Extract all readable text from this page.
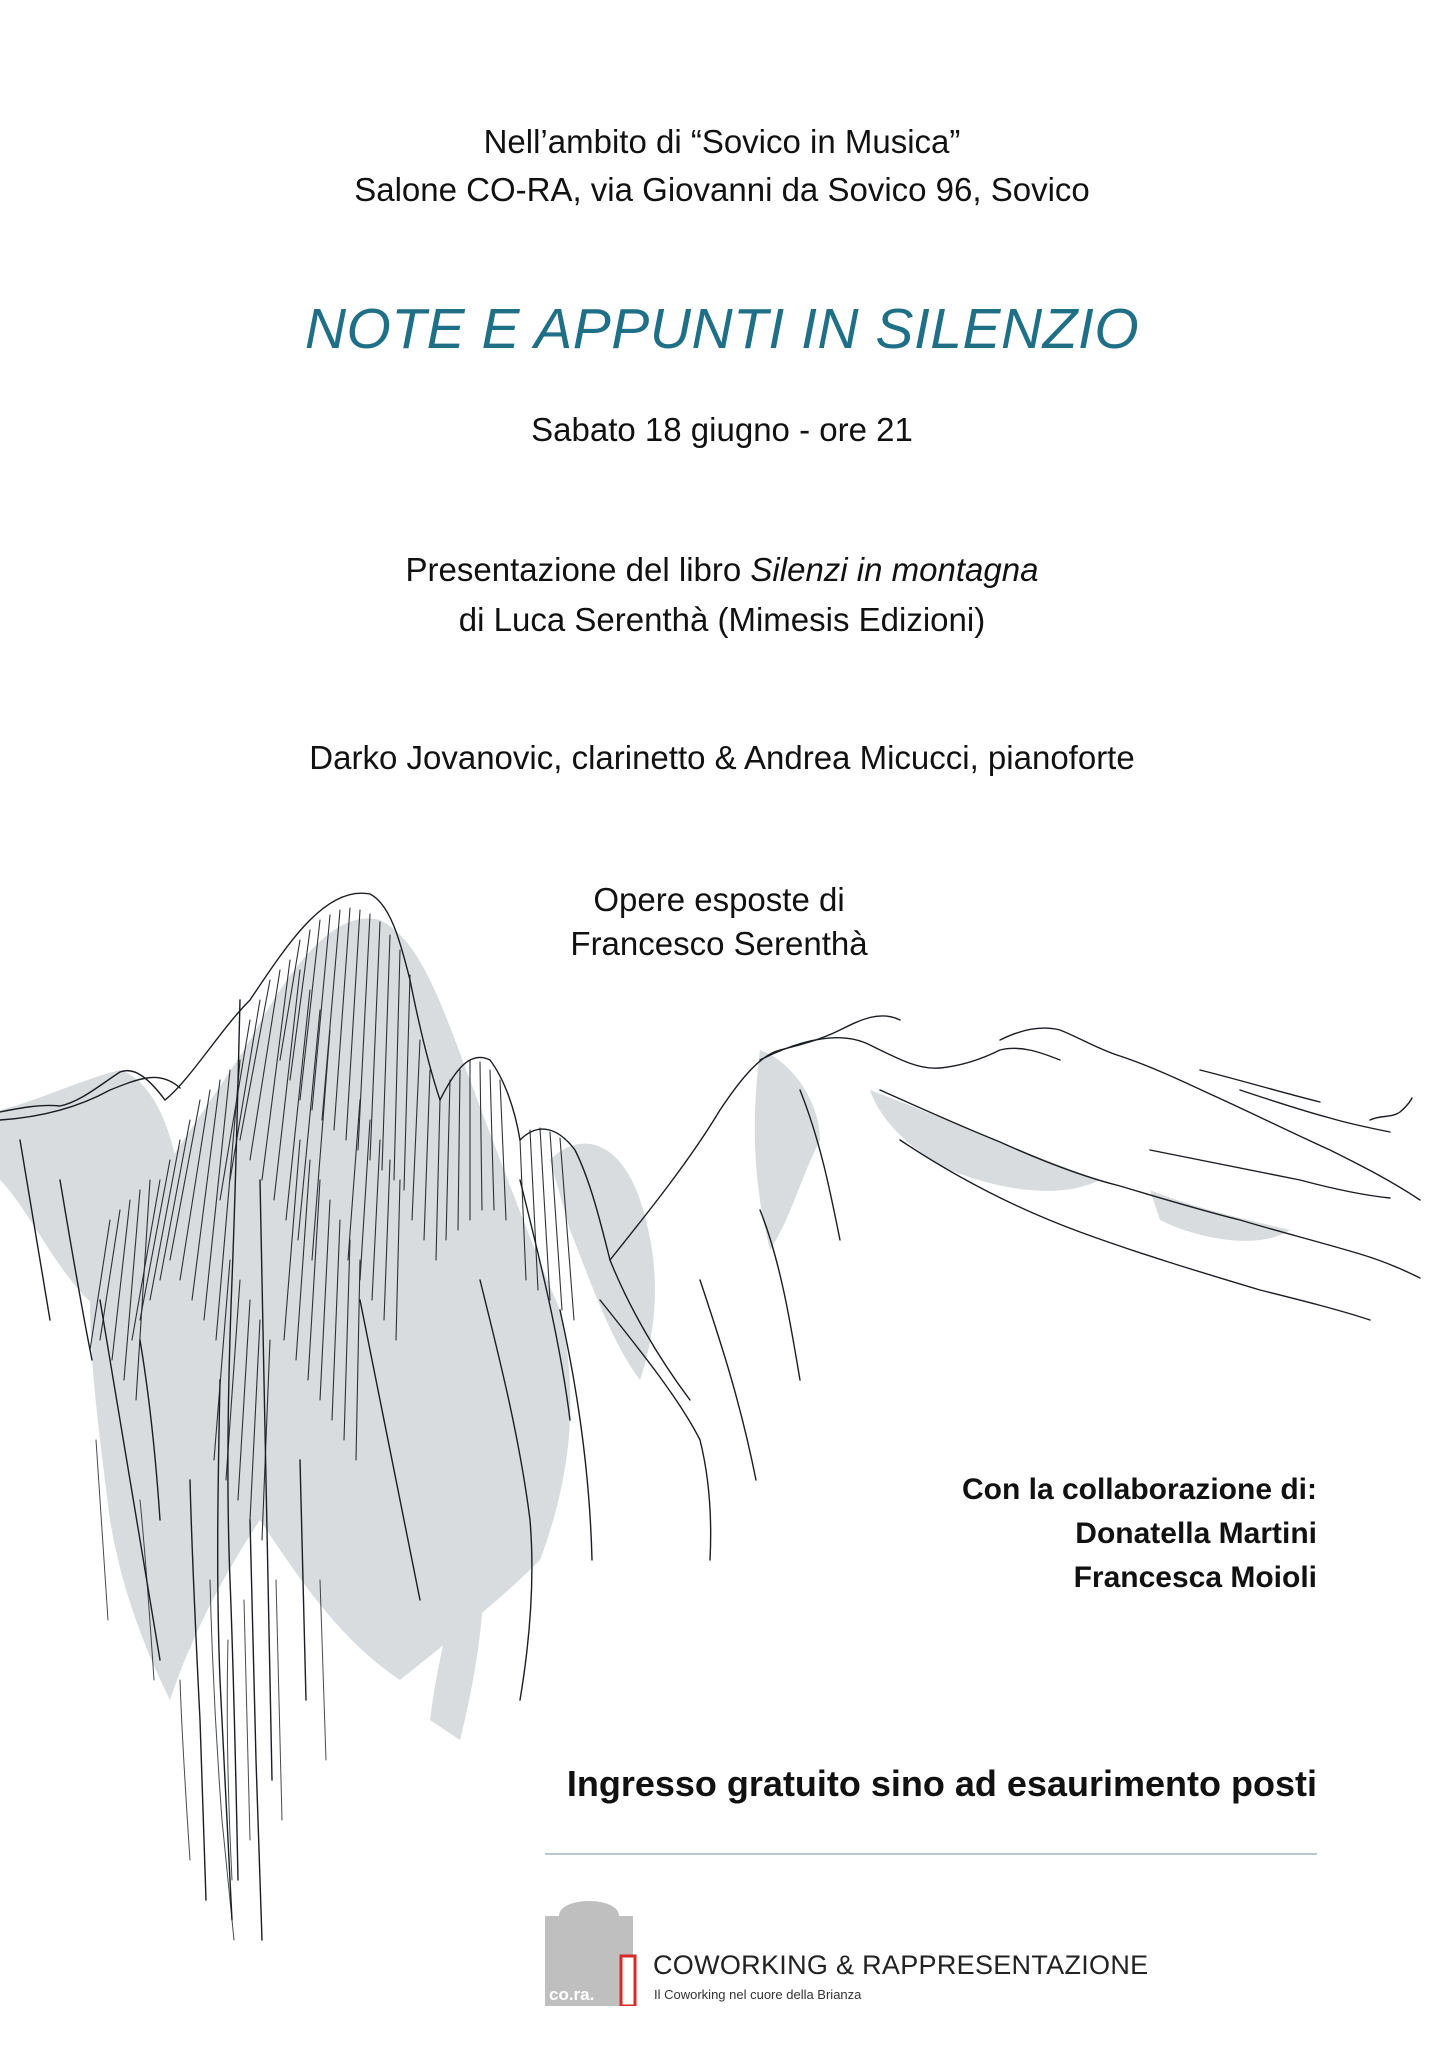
Nell’ambito di “Sovico in Musica”
Salone CO-RA, via Giovanni da Sovico 96, Sovico
NOTE E APPUNTI IN SILENZIO
Sabato 18 giugno - ore 21
Presentazione del libro Silenzi in montagna
di Luca Serenthà (Mimesis Edizioni)
Darko Jovanovic, clarinetto & Andrea Micucci, pianoforte
Opere esposte di
Francesco Serenthà
Con la collaborazione di:
Donatella Martini
Francesca Moioli
Ingresso gratuito sino ad esaurimento posti
co.ra.
COWORKING & RAPPRESENTAZIONE
Il Coworking nel cuore della Brianza
